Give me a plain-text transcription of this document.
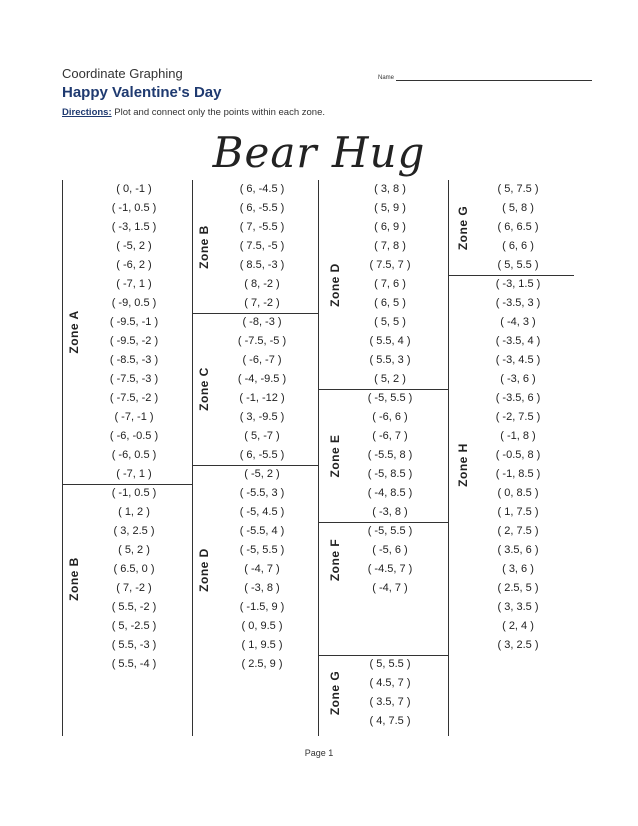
Coordinate Graphing
Happy Valentine's Day
Name
Directions: Plot and connect only the points within each zone.
Bear Hug
Zone A
( 0, -1 )
( -1, 0.5 )
( -3, 1.5 )
( -5, 2 )
( -6, 2 )
( -7, 1 )
( -9, 0.5 )
( -9.5, -1 )
( -9.5, -2 )
( -8.5, -3 )
( -7.5, -3 )
( -7.5, -2 )
( -7, -1 )
( -6, -0.5 )
( -6, 0.5 )
( -7, 1 )
Zone B
( -1, 0.5 )
( 1, 2 )
( 3, 2.5 )
( 5, 2 )
( 6.5, 0 )
( 7, -2 )
( 5.5, -2 )
( 5, -2.5 )
( 5.5, -3 )
( 5.5, -4 )
Zone B
( 6, -4.5 )
( 6, -5.5 )
( 7, -5.5 )
( 7.5, -5 )
( 8.5, -3 )
( 8, -2 )
( 7, -2 )
Zone C
( -8, -3 )
( -7.5, -5 )
( -6, -7 )
( -4, -9.5 )
( -1, -12 )
( 3, -9.5 )
( 5, -7 )
( 6, -5.5 )
Zone D
( -5, 2 )
( -5.5, 3 )
( -5, 4.5 )
( -5.5, 4 )
( -5, 5.5 )
( -4, 7 )
( -3, 8 )
( -1.5, 9 )
( 0, 9.5 )
( 1, 9.5 )
( 2.5, 9 )
Zone D
( 3, 8 )
( 5, 9 )
( 6, 9 )
( 7, 8 )
( 7.5, 7 )
( 7, 6 )
( 6, 5 )
( 5, 5 )
( 5.5, 4 )
( 5.5, 3 )
( 5, 2 )
Zone E
( -5, 5.5 )
( -6, 6 )
( -6, 7 )
( -5.5, 8 )
( -5, 8.5 )
( -4, 8.5 )
( -3, 8 )
Zone F
( -5, 5.5 )
( -5, 6 )
( -4.5, 7 )
( -4, 7 )
Zone G
( 5, 5.5 )
( 4.5, 7 )
( 3.5, 7 )
( 4, 7.5 )
Zone G
( 5, 7.5 )
( 5, 8 )
( 6, 6.5 )
( 6, 6 )
( 5, 5.5 )
Zone H
( -3, 1.5 )
( -3.5, 3 )
( -4, 3 )
( -3.5, 4 )
( -3, 4.5 )
( -3, 6 )
( -3.5, 6 )
( -2, 7.5 )
( -1, 8 )
( -0.5, 8 )
( -1, 8.5 )
( 0, 8.5 )
( 1, 7.5 )
( 2, 7.5 )
( 3.5, 6 )
( 3, 6 )
( 2.5, 5 )
( 3, 3.5 )
( 2, 4 )
( 3, 2.5 )
Page 1
